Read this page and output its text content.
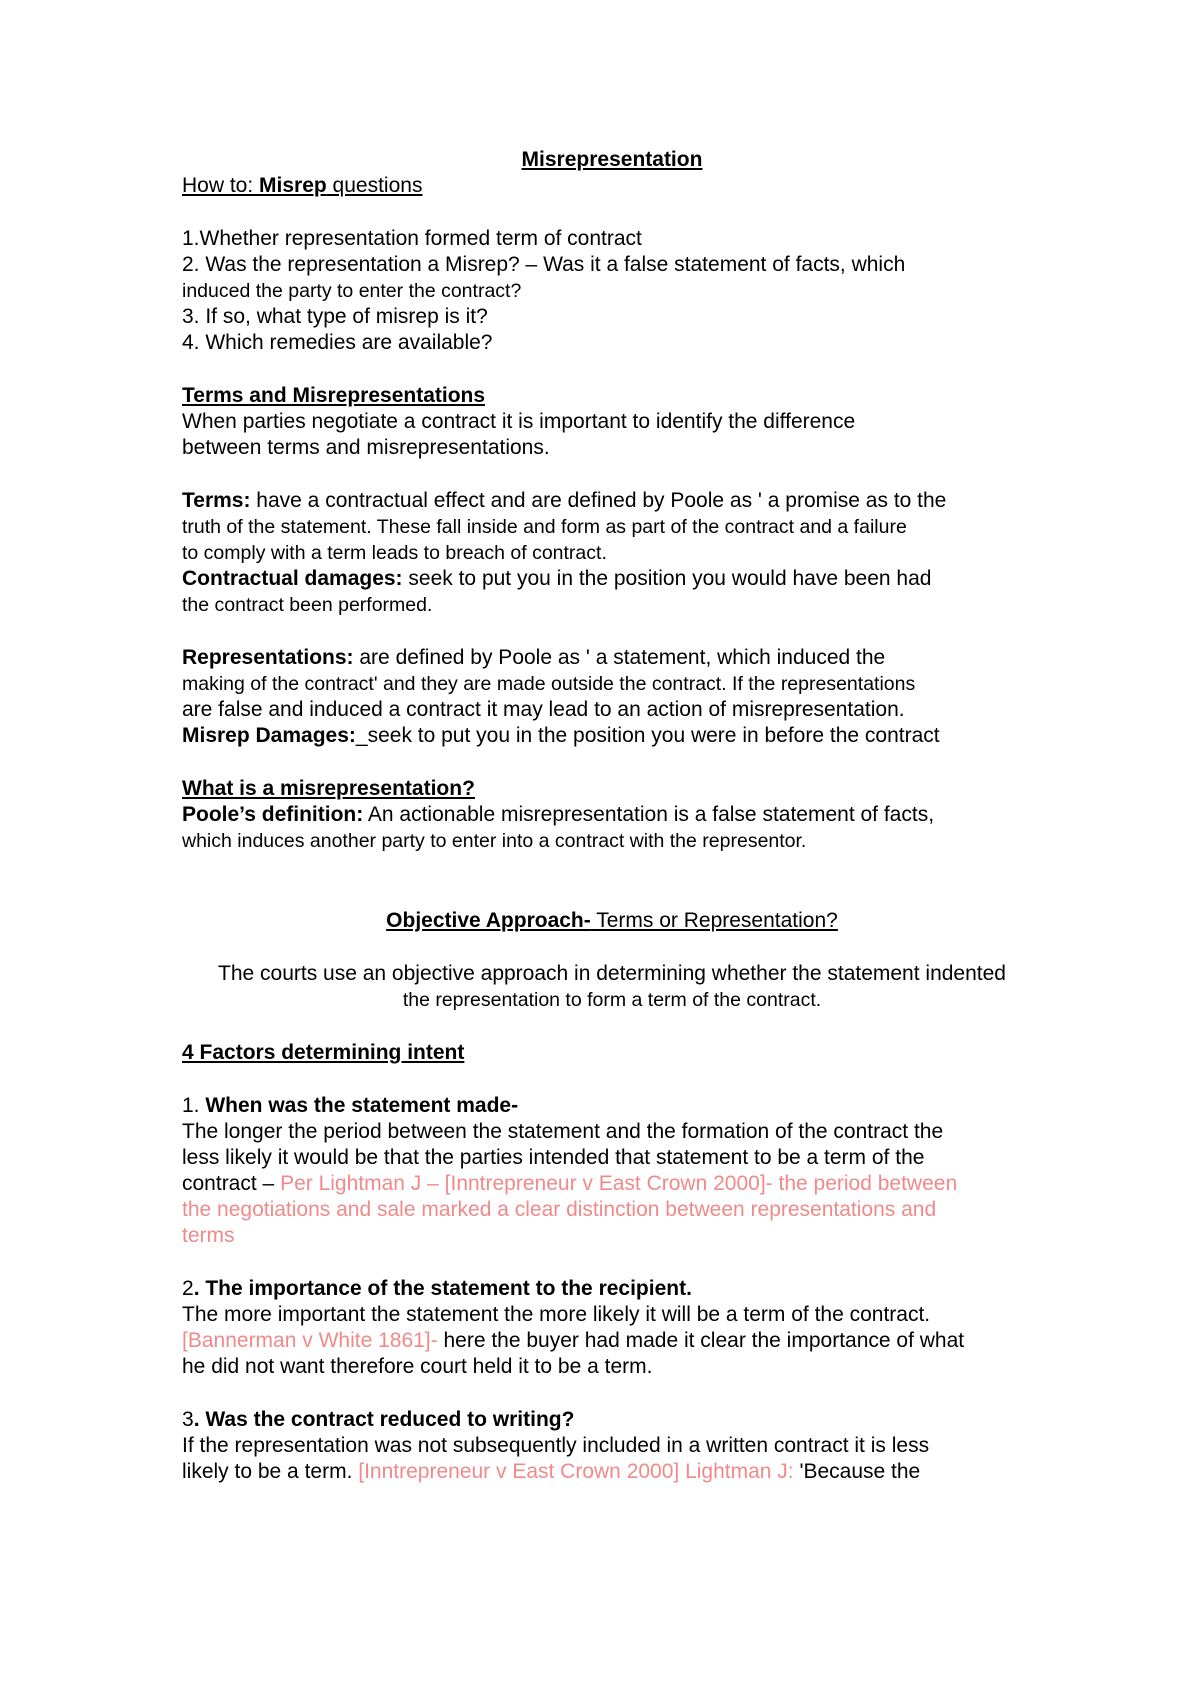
Misrepresentation

How to: Misrep questions

1.Whether representation formed term of contract

2. Was the representation a Misrep? – Was it a false statement of facts, which

induced the party to enter the contract?

3. If so, what type of misrep is it?

4. Which remedies are available?

Terms and Misrepresentations

When parties negotiate a contract it is important to identify the difference

between terms and misrepresentations.

Terms: have a contractual effect and are defined by Poole as ' a promise as to the

truth of the statement. These fall inside and form as part of the contract and a failure

to comply with a term leads to breach of contract.

Contractual damages: seek to put you in the position you would have been had

the contract been performed.

Representations: are defined by Poole as ' a statement, which induced the

making of the contract' and they are made outside the contract. If the representations

are false and induced a contract it may lead to an action of misrepresentation.

Misrep Damages:_seek to put you in the position you were in before the contract

What is a misrepresentation?

Poole’s definition: An actionable misrepresentation is a false statement of facts,

which induces another party to enter into a contract with the representor.

Objective Approach- Terms or Representation?

The courts use an objective approach in determining whether the statement indented

the representation to form a term of the contract.

4 Factors determining intent

1. When was the statement made-

The longer the period between the statement and the formation of the contract the

less likely it would be that the parties intended that statement to be a term of the

contract – Per Lightman J – [Inntrepreneur v East Crown 2000]- the period between

the negotiations and sale marked a clear distinction between representations and

terms

2. The importance of the statement to the recipient.

The more important the statement the more likely it will be a term of the contract.

[Bannerman v White 1861]- here the buyer had made it clear the importance of what

he did not want therefore court held it to be a term.

3. Was the contract reduced to writing?

If the representation was not subsequently included in a written contract it is less

likely to be a term. [Inntrepreneur v East Crown 2000] Lightman J: 'Because the
